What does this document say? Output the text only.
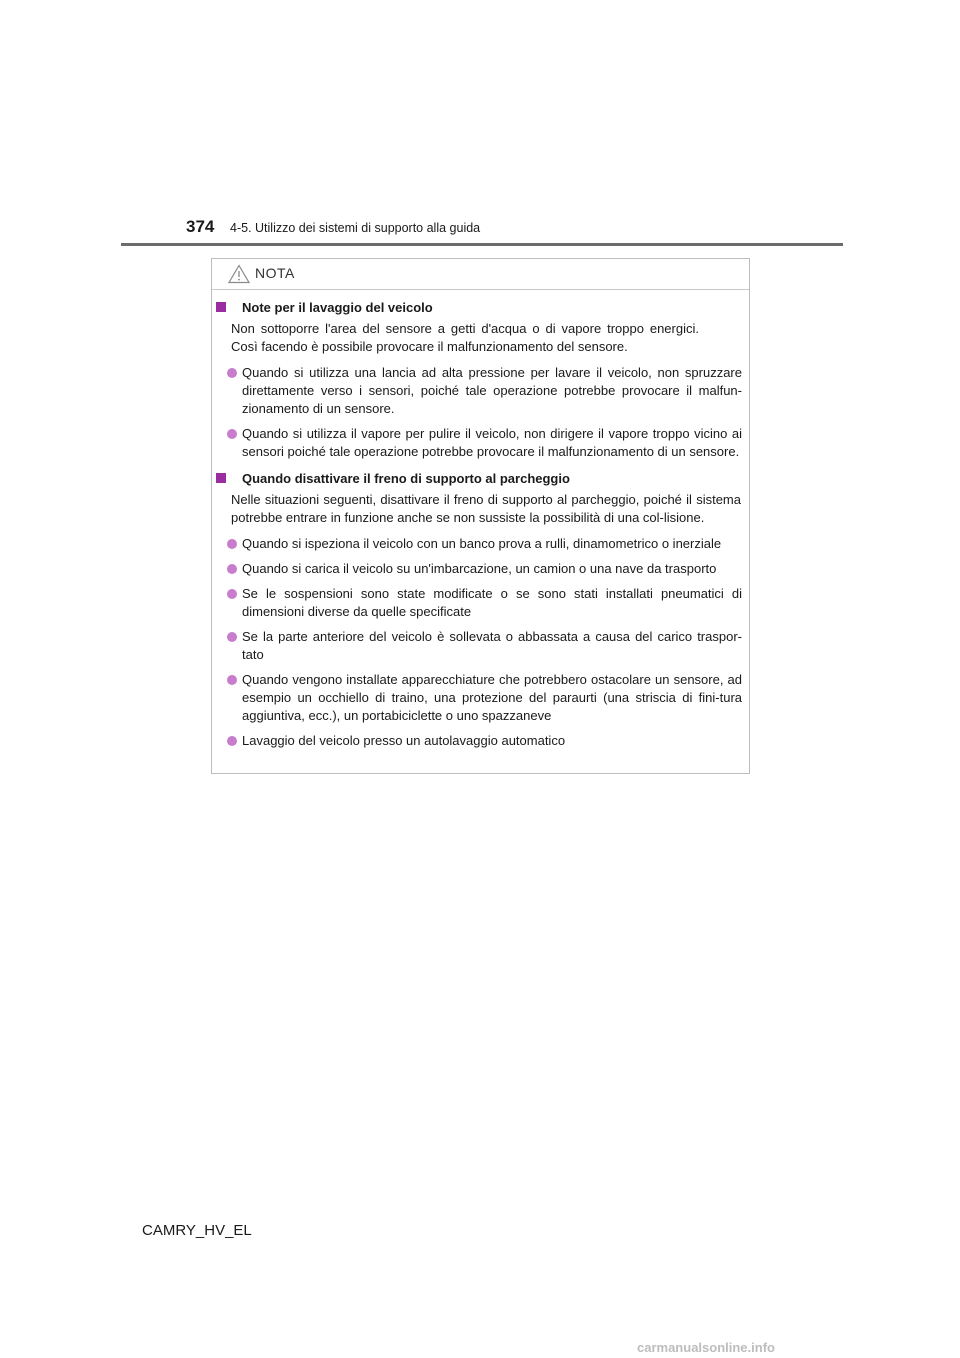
374 4-5. Utilizzo dei sistemi di supporto alla guida
NOTA
Note per il lavaggio del veicolo
Non sottoporre l'area del sensore a getti d'acqua o di vapore troppo energici. Così facendo è possibile provocare il malfunzionamento del sensore.
Quando si utilizza una lancia ad alta pressione per lavare il veicolo, non spruzzare direttamente verso i sensori, poiché tale operazione potrebbe provocare il malfun-zionamento di un sensore.
Quando si utilizza il vapore per pulire il veicolo, non dirigere il vapore troppo vicino ai sensori poiché tale operazione potrebbe provocare il malfunzionamento di un sensore.
Quando disattivare il freno di supporto al parcheggio
Nelle situazioni seguenti, disattivare il freno di supporto al parcheggio, poiché il sistema potrebbe entrare in funzione anche se non sussiste la possibilità di una col-lisione.
Quando si ispeziona il veicolo con un banco prova a rulli, dinamometrico o inerziale
Quando si carica il veicolo su un'imbarcazione, un camion o una nave da trasporto
Se le sospensioni sono state modificate o se sono stati installati pneumatici di dimensioni diverse da quelle specificate
Se la parte anteriore del veicolo è sollevata o abbassata a causa del carico traspor-tato
Quando vengono installate apparecchiature che potrebbero ostacolare un sensore, ad esempio un occhiello di traino, una protezione del paraurti (una striscia di fini-tura aggiuntiva, ecc.), un portabiciclette o uno spazzaneve
Lavaggio del veicolo presso un autolavaggio automatico
CAMRY_HV_EL
carmanualsonline.info
